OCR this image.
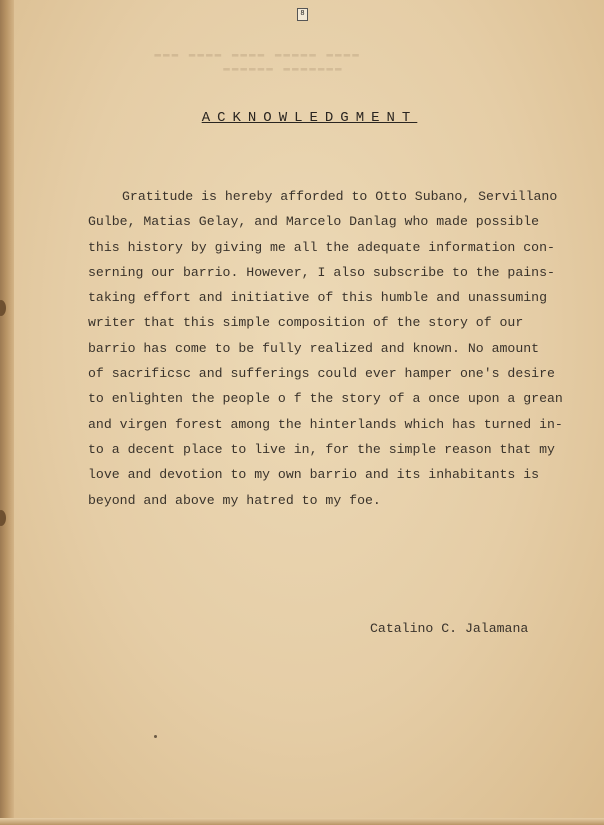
8
▬▬▬ ▬▬▬▬ ▬▬▬▬ ▬▬▬▬▬ ▬▬▬▬
▬▬▬▬▬▬ ▬▬▬▬▬▬▬
ACKNOWLEDGMENT
Gratitude is hereby afforded to Otto Subano, Servillano
Gulbe, Matias Gelay, and Marcelo Danlag who made possible
this history by giving me all the adequate information con-
serning our barrio. However, I also subscribe to the pains-
taking effort and initiative of this humble and unassuming
writer that this simple composition of the story of our
barrio has come to be fully realized and known. No amount
of sacrificsc and sufferings could ever hamper one's desire
to enlighten the people o f the story of a once upon a grean
and virgen forest among the hinterlands which has turned in-
to a decent place to live in, for the simple reason that my
love and devotion to my own barrio and its inhabitants is
beyond and above my hatred to my foe.
Catalino C. Jalamana
